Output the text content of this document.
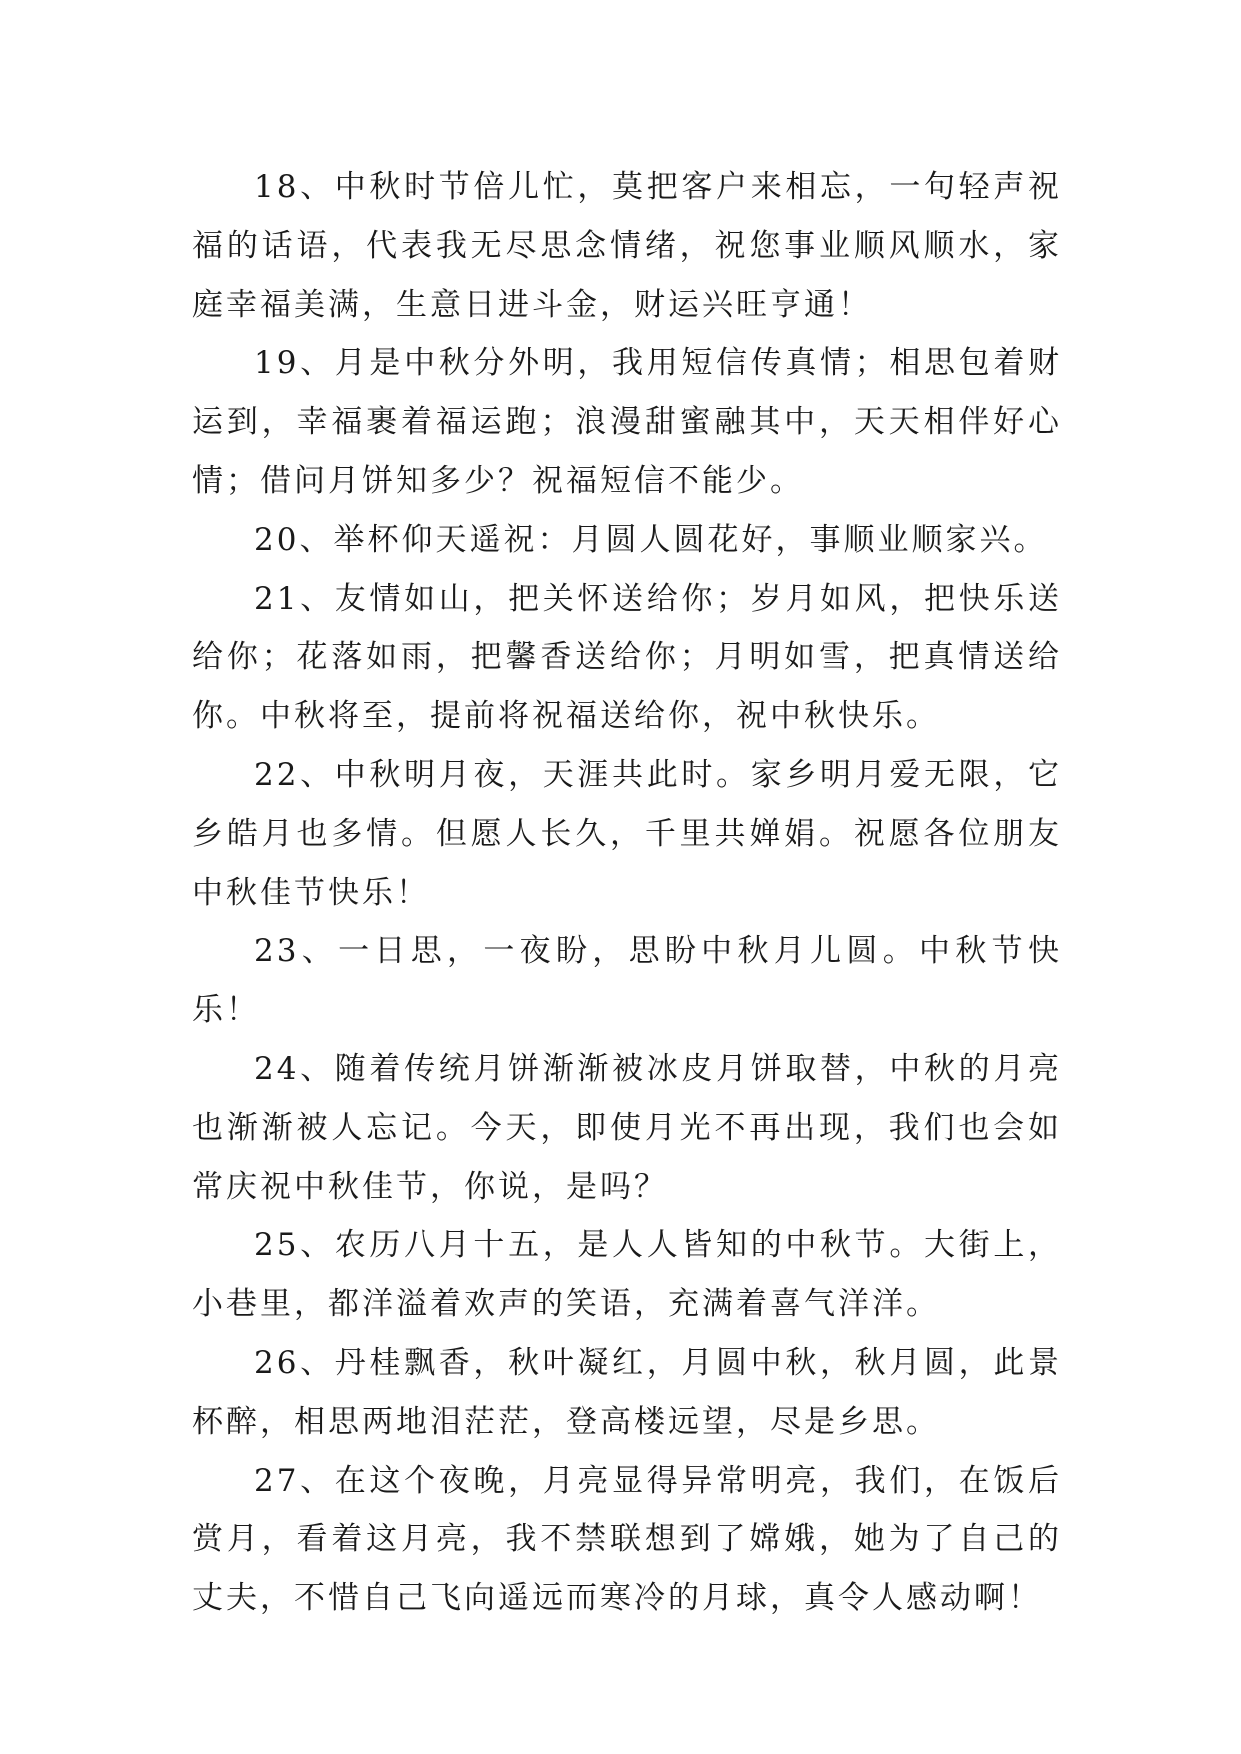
18、中秋时节倍儿忙，莫把客户来相忘，一句轻声祝福的话语，代表我无尽思念情绪，祝您事业顺风顺水，家庭幸福美满，生意日进斗金，财运兴旺亨通！

19、月是中秋分外明，我用短信传真情；相思包着财运到，幸福裹着福运跑；浪漫甜蜜融其中，天天相伴好心情；借问月饼知多少？祝福短信不能少。

20、举杯仰天遥祝：月圆人圆花好，事顺业顺家兴。

21、友情如山，把关怀送给你；岁月如风，把快乐送给你；花落如雨，把馨香送给你；月明如雪，把真情送给你。中秋将至，提前将祝福送给你，祝中秋快乐。

22、中秋明月夜，天涯共此时。家乡明月爱无限，它乡皓月也多情。但愿人长久，千里共婵娟。祝愿各位朋友中秋佳节快乐！

23、一日思，一夜盼，思盼中秋月儿圆。中秋节快乐！

24、随着传统月饼渐渐被冰皮月饼取替，中秋的月亮也渐渐被人忘记。今天，即使月光不再出现，我们也会如常庆祝中秋佳节，你说，是吗？

25、农历八月十五，是人人皆知的中秋节。大街上，小巷里，都洋溢着欢声的笑语，充满着喜气洋洋。

26、丹桂飘香，秋叶凝红，月圆中秋，秋月圆，此景杯醉，相思两地泪茫茫，登高楼远望，尽是乡思。

27、在这个夜晚，月亮显得异常明亮，我们，在饭后赏月，看着这月亮，我不禁联想到了嫦娥，她为了自己的丈夫，不惜自己飞向遥远而寒冷的月球，真令人感动啊！
